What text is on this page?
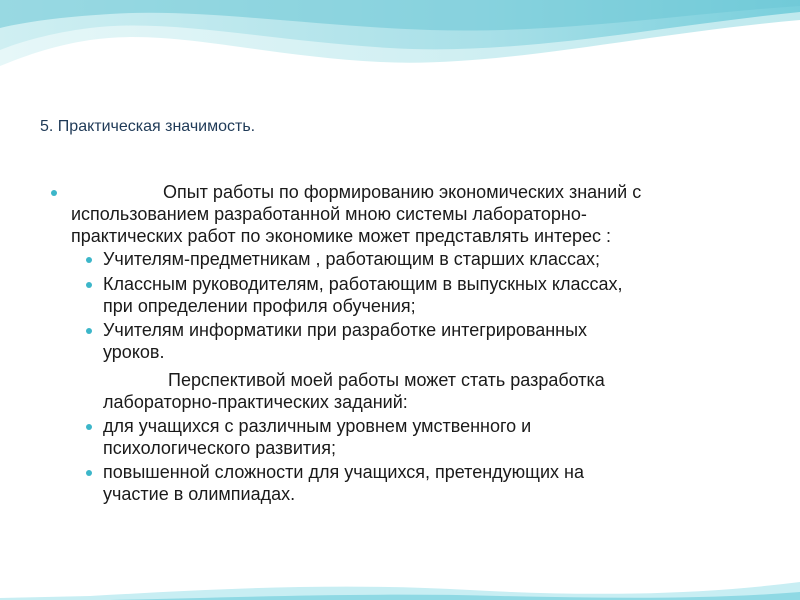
5. Практическая значимость.
Опыт работы по формированию экономических знаний с
использованием разработанной мною системы лабораторно-
практических работ по экономике может представлять интерес :
Учителям-предметникам , работающим в старших классах;
Классным руководителям, работающим в выпускных классах,
при определении профиля обучения;
Учителям информатики при разработке интегрированных
уроков.
Перспективой моей работы может стать разработка
лабораторно-практических заданий:
для учащихся с различным уровнем умственного и
психологического развития;
повышенной сложности для учащихся, претендующих на
участие в олимпиадах.
